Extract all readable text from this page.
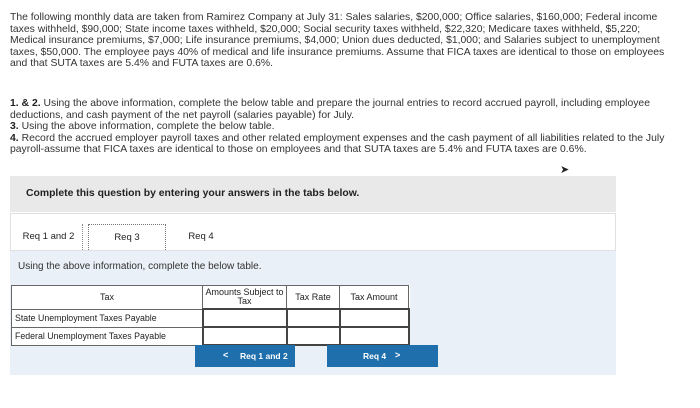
The following monthly data are taken from Ramirez Company at July 31: Sales salaries, $200,000; Office salaries, $160,000; Federal income taxes withheld, $90,000; State income taxes withheld, $20,000; Social security taxes withheld, $22,320; Medicare taxes withheld, $5,220; Medical insurance premiums, $7,000; Life insurance premiums, $4,000; Union dues deducted, $1,000; and Salaries subject to unemployment taxes, $50,000. The employee pays 40% of medical and life insurance premiums. Assume that FICA taxes are identical to those on employees and that SUTA taxes are 5.4% and FUTA taxes are 0.6%.
1. & 2. Using the above information, complete the below table and prepare the journal entries to record accrued payroll, including employee deductions, and cash payment of the net payroll (salaries payable) for July.
3. Using the above information, complete the below table.
4. Record the accrued employer payroll taxes and other related employment expenses and the cash payment of all liabilities related to the July payroll-assume that FICA taxes are identical to those on employees and that SUTA taxes are 5.4% and FUTA taxes are 0.6%.
➤
Complete this question by entering your answers in the tabs below.
Req 1 and 2	Req 3	Req 4
Using the above information, complete the below table.
Tax	Amounts Subject to Tax	Tax Rate	Tax Amount
State Unemployment Taxes Payable			
Federal Unemployment Taxes Payable			
< Req 1 and 2	Req 4 >
